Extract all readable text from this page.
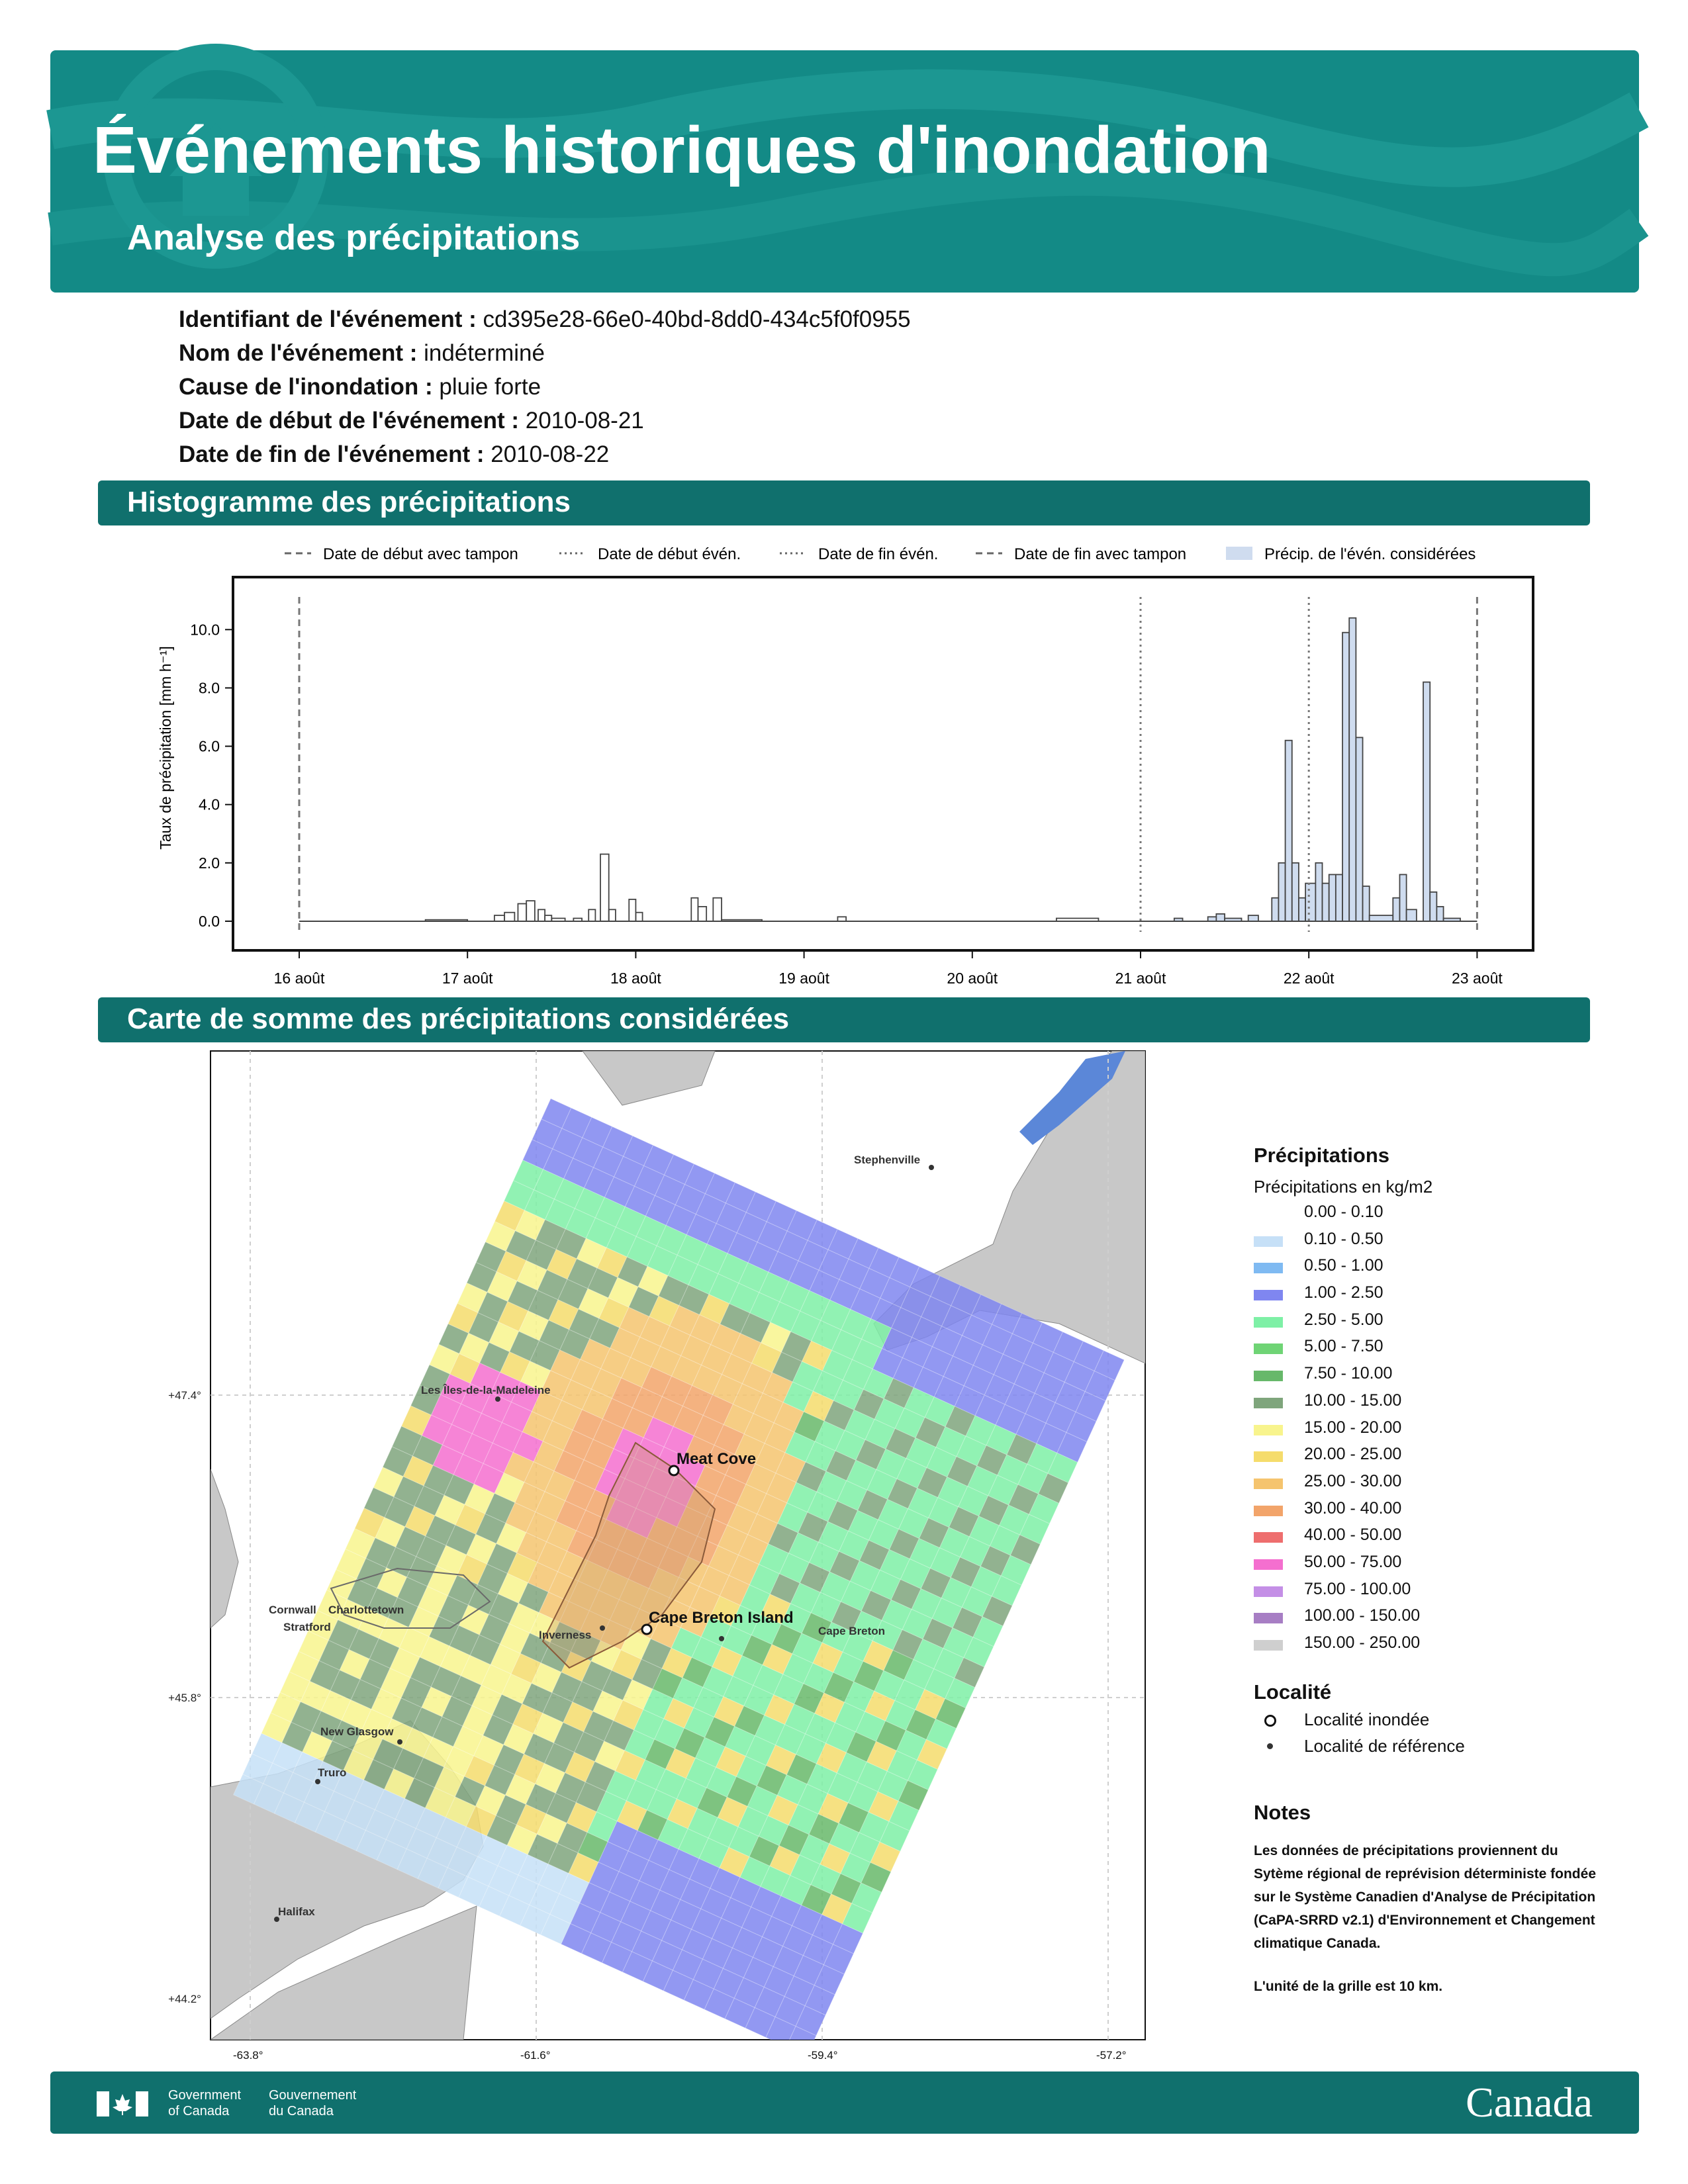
Événements historiques d'inondation
Analyse des précipitations
Identifiant de l'événement : cd395e28-66e0-40bd-8dd0-434c5f0f0955
Nom de l'événement : indéterminé
Cause de l'inondation : pluie forte
Date de début de l'événement : 2010-08-21
Date de fin de l'événement : 2010-08-22
Histogramme des précipitations
Date de début avec tampon	Date de début évén.	Date de fin évén.	Date de fin avec tampon	Précip. de l'évén. considérées
0.0
2.0
4.0
6.0
8.0
10.0
16 août	17 août	18 août	19 août	20 août	21 août	22 août	23 août
Taux de précipitation [mm h⁻¹]
Carte de somme des précipitations considérées
Stephenville
Les Îles-de-la-Madeleine
Meat Cove
Cape Breton Island
Inverness	Cape Breton
Cornwall Charlottetown
Stratford
New Glasgow
Truro
Halifax
+47.4°
+45.8°
+44.2°
-63.8°	-61.6°	-59.4°	-57.2°
Précipitations
Précipitations en kg/m2
0.00 - 0.10
0.10 - 0.50
0.50 - 1.00
1.00 - 2.50
2.50 - 5.00
5.00 - 7.50
7.50 - 10.00
10.00 - 15.00
15.00 - 20.00
20.00 - 25.00
25.00 - 30.00
30.00 - 40.00
40.00 - 50.00
50.00 - 75.00
75.00 - 100.00
100.00 - 150.00
150.00 - 250.00
Localité
Localité inondée
Localité de référence
Notes
Les données de précipitations proviennent du Sytème régional de reprévision déterministe fondée sur le Système Canadien d'Analyse de Précipitation (CaPA-SRRD v2.1) d'Environnement et Changement climatique Canada.
L'unité de la grille est 10 km.
Government
of Canada
Gouvernement
du Canada	Canada
